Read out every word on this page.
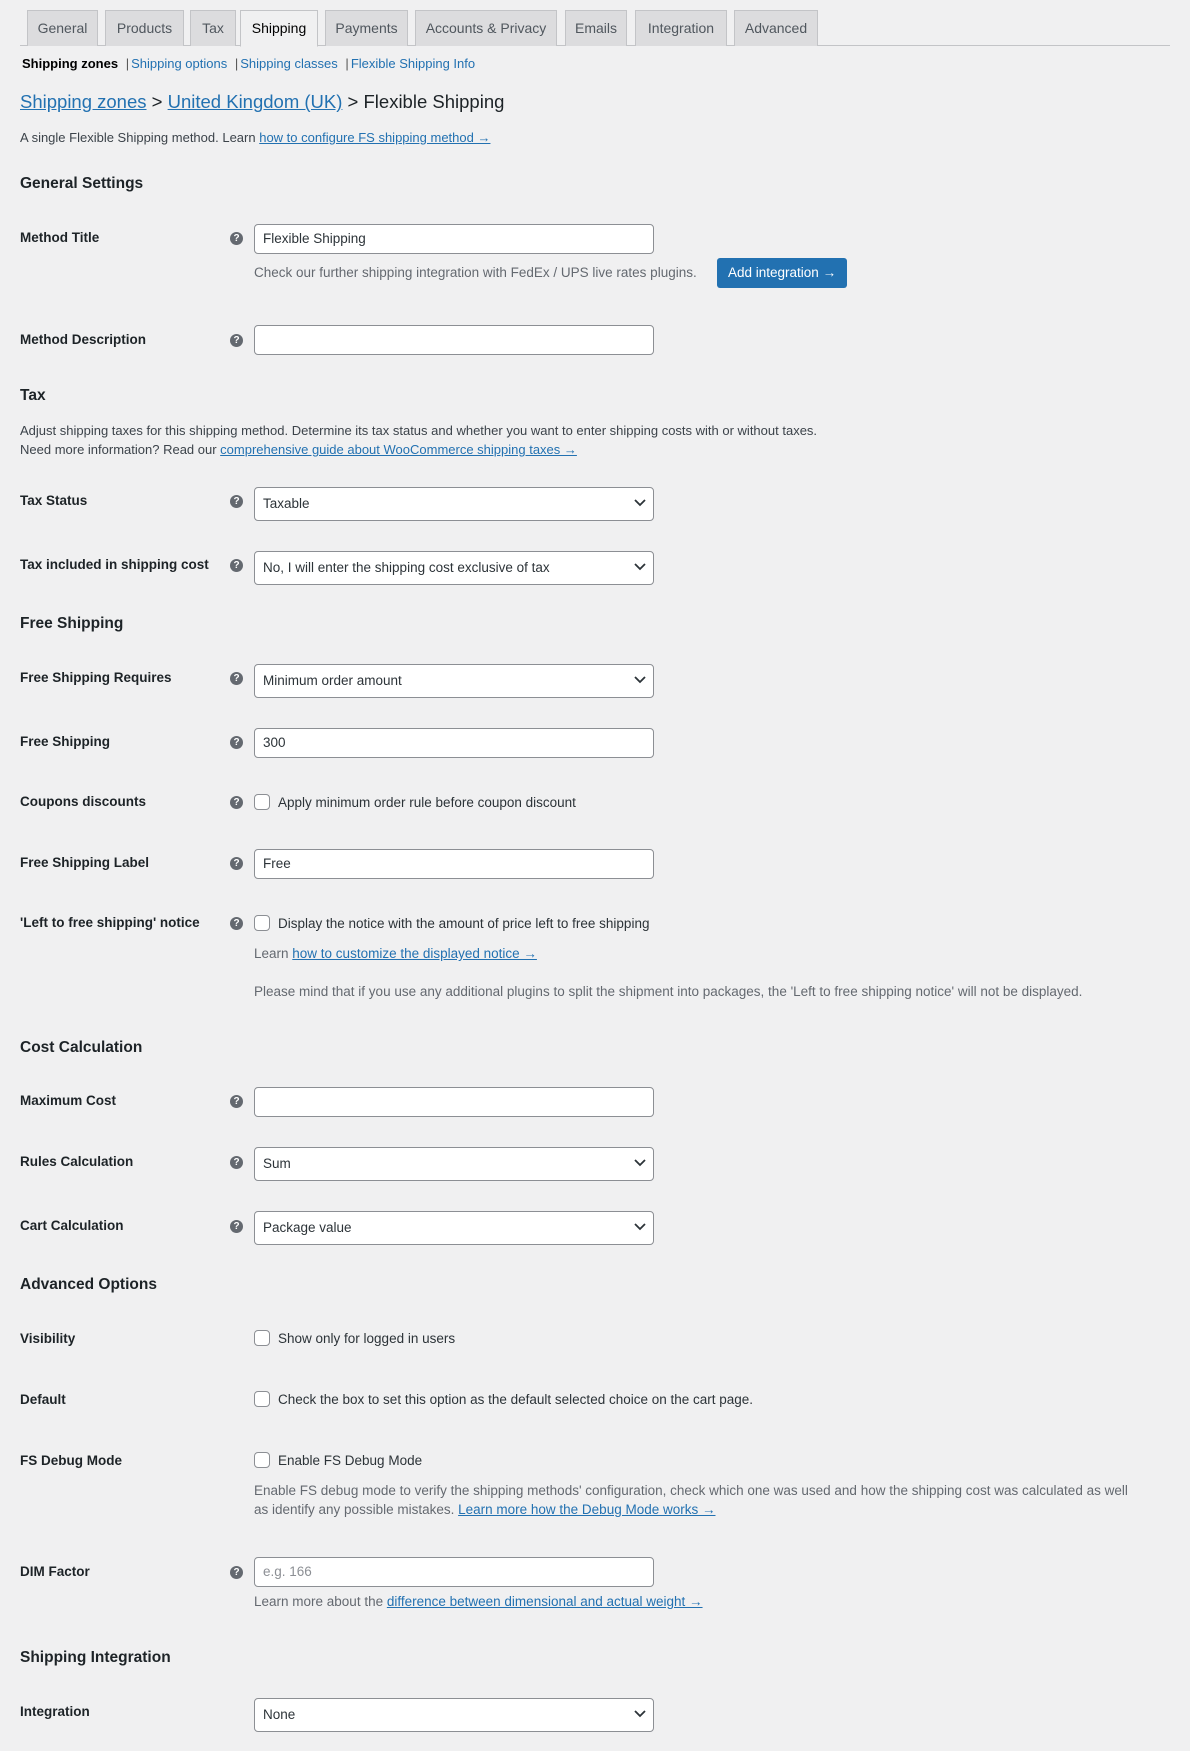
General	Products	Tax	Shipping	Payments	Accounts & Privacy	Emails	Integration	Advanced
Shipping zones | Shipping options | Shipping classes | Flexible Shipping Info
Shipping zones > United Kingdom (UK) > Flexible Shipping
A single Flexible Shipping method. Learn how to configure FS shipping method →
General Settings
Method Title	?	Flexible Shipping
Check our further shipping integration with FedEx / UPS live rates plugins.	Add integration →
Method Description	?
Tax
Adjust shipping taxes for this shipping method. Determine its tax status and whether you want to enter shipping costs with or without taxes.
Need more information? Read our comprehensive guide about WooCommerce shipping taxes →
Tax Status	?	Taxable
Tax included in shipping cost	?	No, I will enter the shipping cost exclusive of tax
Free Shipping
Free Shipping Requires	?	Minimum order amount
Free Shipping	?	300
Coupons discounts	?	Apply minimum order rule before coupon discount
Free Shipping Label	?	Free
'Left to free shipping' notice	?	Display the notice with the amount of price left to free shipping
Learn how to customize the displayed notice →
Please mind that if you use any additional plugins to split the shipment into packages, the 'Left to free shipping notice' will not be displayed.
Cost Calculation
Maximum Cost	?
Rules Calculation	?	Sum
Cart Calculation	?	Package value
Advanced Options
Visibility	Show only for logged in users
Default	Check the box to set this option as the default selected choice on the cart page.
FS Debug Mode	Enable FS Debug Mode
Enable FS debug mode to verify the shipping methods' configuration, check which one was used and how the shipping cost was calculated as well
as identify any possible mistakes. Learn more how the Debug Mode works →
DIM Factor	?	e.g. 166
Learn more about the difference between dimensional and actual weight →
Shipping Integration
Integration	None
